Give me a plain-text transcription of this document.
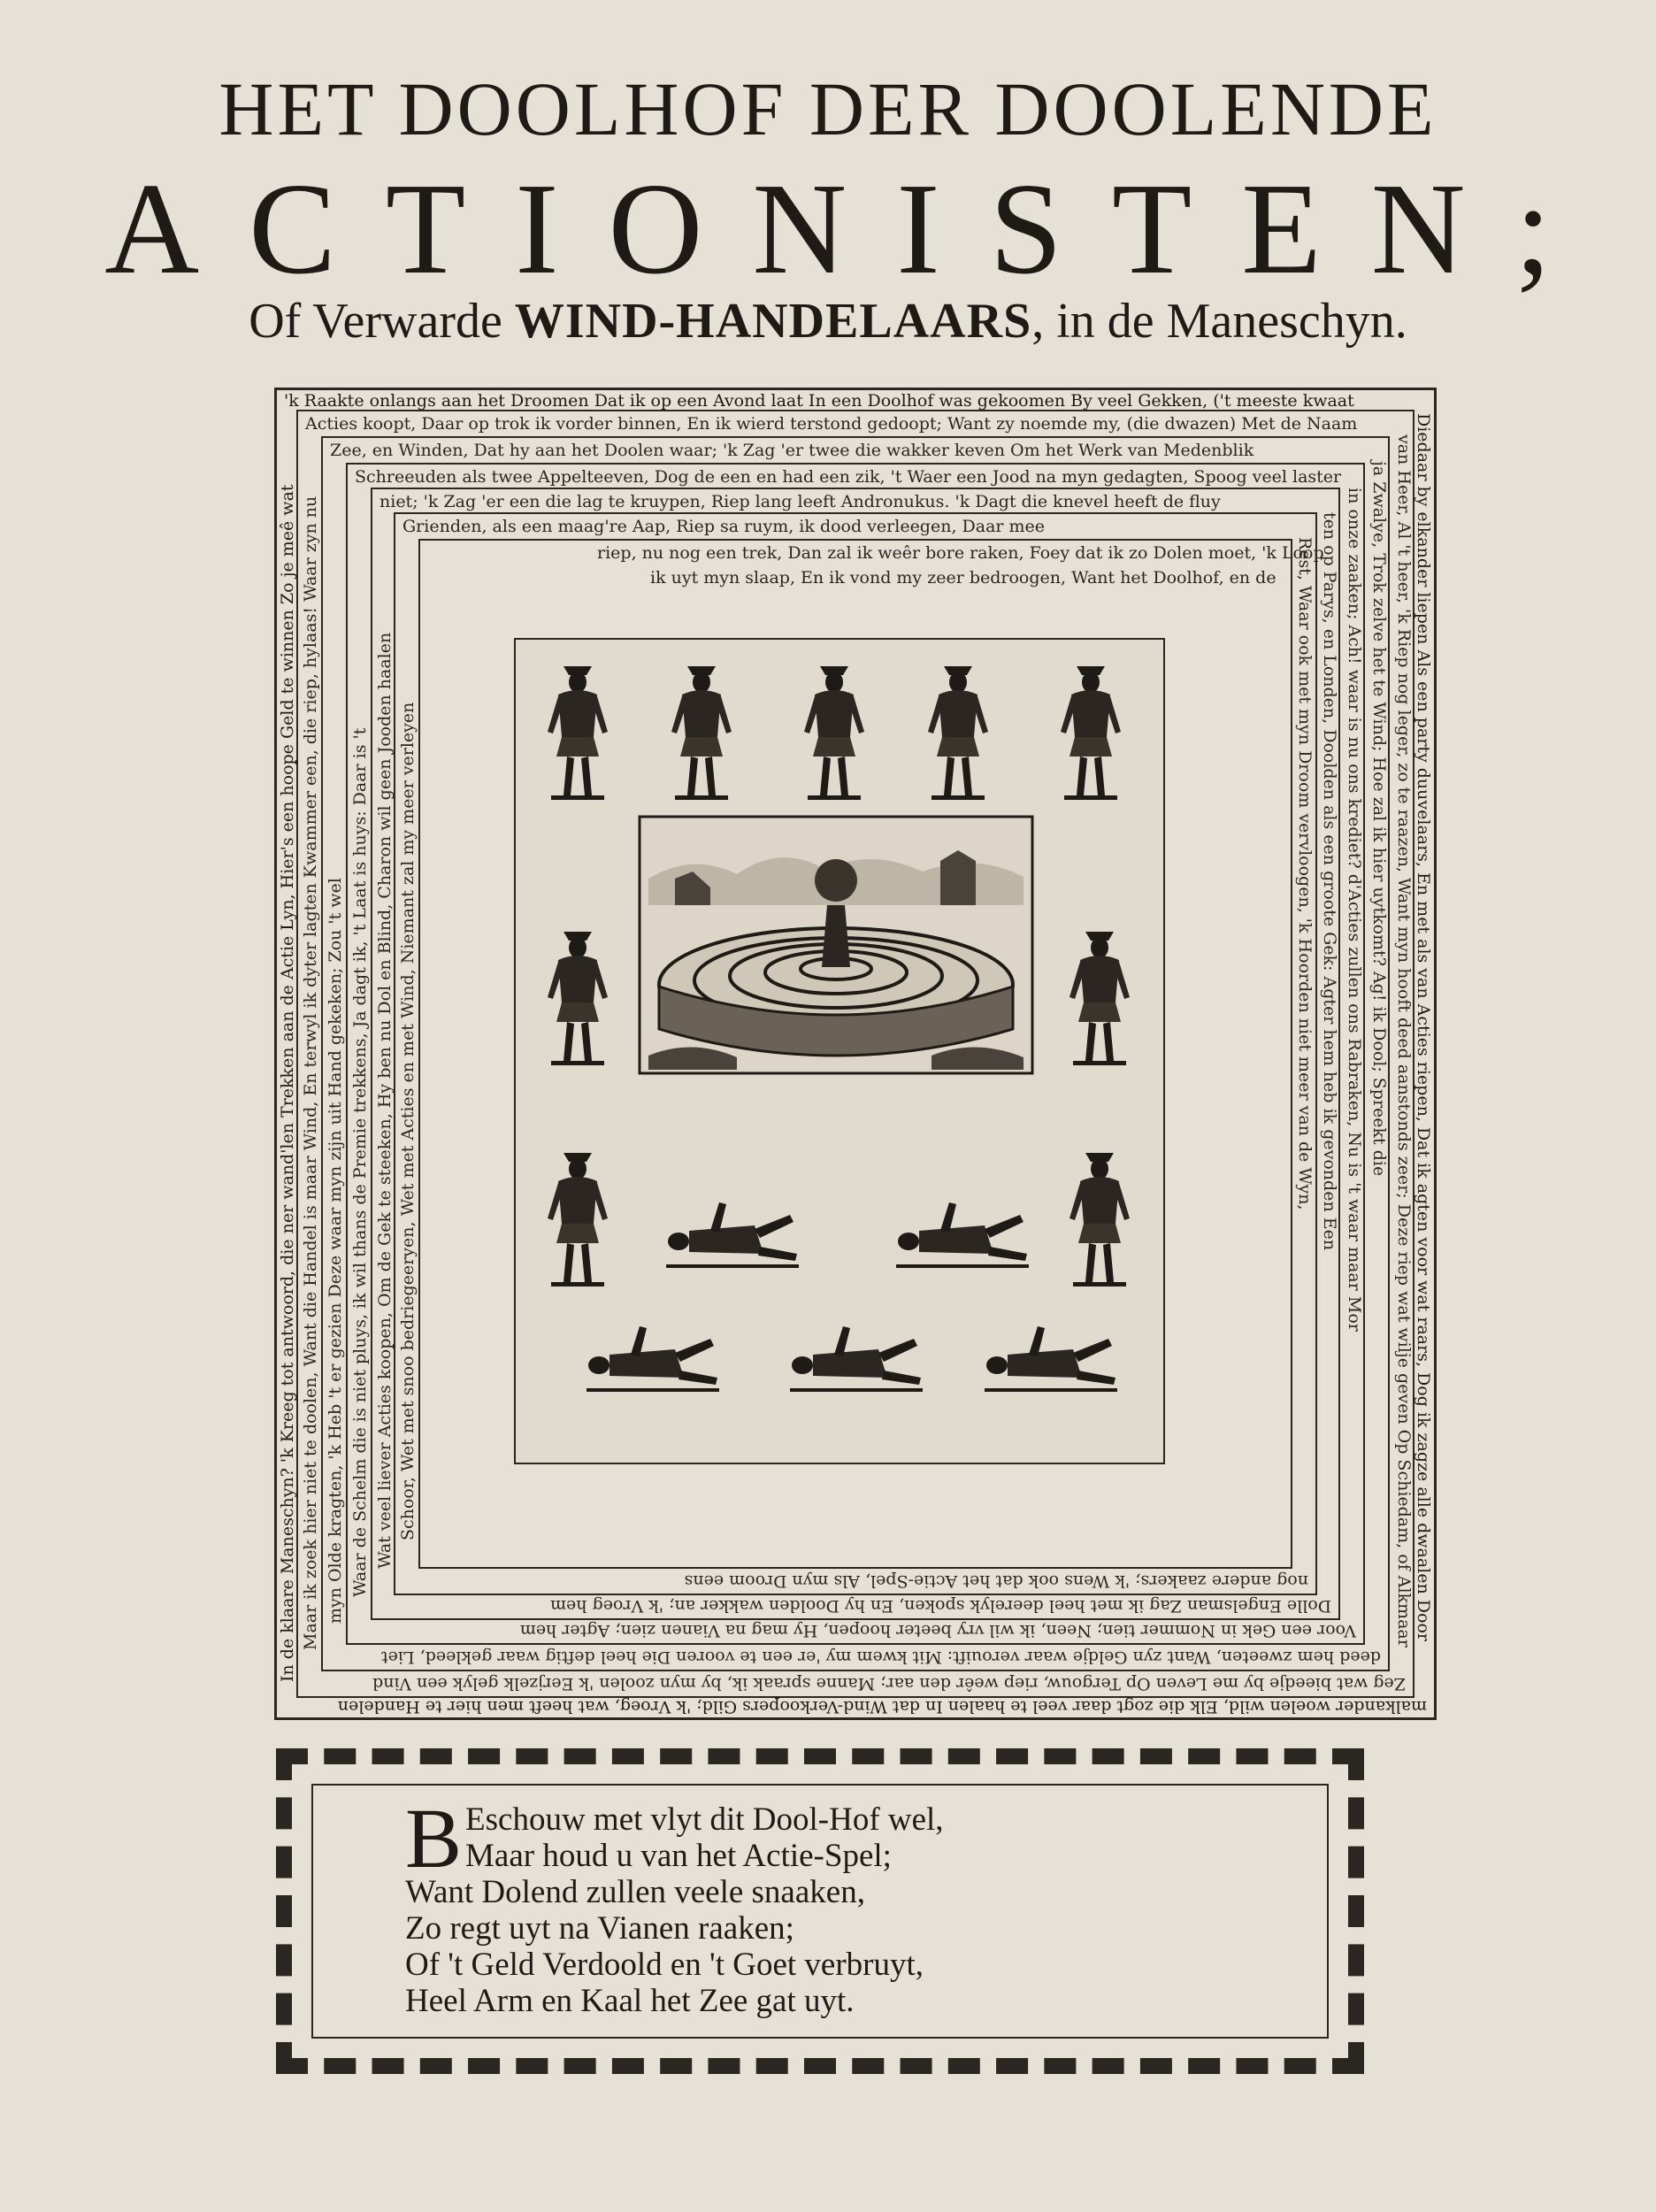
HET DOOLHOF DER DOOLENDE
ACTIONISTEN;
Of Verwarde WIND-HANDELAARS, in de Maneschyn.
'k Raakte onlangs aan het Droomen Dat ik op een Avond laat In een Doolhof was gekoomen By veel Gekken, ('t meeste kwaat
malkander woelen wild, Elk die zogt daar veel te haalen In dat Wind-Verkoopers Gild; 'k Vroeg, wat heeft men hier te Handelen
In de klaare Maneschyn? 'k Kreeg tot antwoord, die ner wand'len Trekken aan de Actie Lyn, Hier's een hoope Geld te winnen Zo je meê wat	Diedaar by elkander liepen Als een party duuvelaars, En met als van Acties riepen, Dat ik agten voor wat raars, Dog ik zagze alle dwaalen Door
Acties koopt, Daar op trok ik vorder binnen, En ik wierd terstond gedoopt; Want zy noemde my, (die dwazen) Met de Naam
Zeg wat bieedje by me Leven Op Tergouw, riep weêr den aar; Manne spraak ik, by myn zoolen 'k Eerjzelk gelyk een Vind
Maar ik zoek hier niet te doolen, Want die Handel is maar Wind, En terwyl ik dyter lagten Kwammer een, die riep, hylaas! Waar zyn nu	van Heer, Al 't heer, 'k Riep nog leger, zo te raazen, Want myn hooft deed aanstonds zeer; Deze riep wat wilje geven Op Schiedam, of Alkmaar
Zee, en Winden, Dat hy aan het Doolen waar; 'k Zag 'er twee die wakker keven Om het Werk van Medenblik
deed hem zweeten, Want zyn Geldje waar verouift: Mit kwem my 'er een te vooren Die heel deftig waar gekleed, Liet
myn Olde kragten, 'k Heb 't er gezien Deze waar myn zijn uit Hand gekeken; Zou 't wel
ja Zwalye, Trok zelve het te Wind; Hoe zal ik hier uytkomt? Ag! ik Dool; Spreekt die
Schreeuden als twee Appelteeven, Dog de een en had een zik, 't Waer een Jood na myn gedagten, Spoog veel laster
Voor een Gek in Nommer tien; Neen, ik wil vry beeter hoopen, Hy mag na Vianen zien; Agter hem
Waar de Schelm die is niet pluys, ik wil thans de Premie trekkens, Ja dagt ik, 't Laat is huys: Daar is 't	in onze zaaken; Ach! waar is nu ons krediet? d'Acties zullen ons Rabraken, Nu is 't waar maar Mor
niet; 'k Zag 'er een die lag te kruypen, Riep lang leeft Andronukus. 'k Dagt die knevel heeft de fluy
Dolle Engelsman Zag ik met heel deerelyk spoken, En hy Doolden wakker an; 'k Vroeg hem
Wat veel liever Acties koopen, Om de Gek te steeken, Hy ben nu Dol en Blind, Charon wil geen Jooden haalen	ten op Parys, en Londen, Doolden als een groote Gek: Agter hem heb ik gevonden Een
Grienden, als een maag're Aap, Riep sa ruym, ik dood verleegen, Daar mee
nog andere zaakers; 'k Wens ook dat het Actie-Spel, Als myn Droom eens
Schoor, Wet met snoo bedriegeeryen, Wet met Acties en met Wind, Niemant zal my meer verleyen	Rest, Waar ook met myn Droom vervloogen, 'k Hoorden niet meer van de Wyn,
riep, nu nog een trek, Dan zal ik weêr bore raken, Foey dat ik zo Dolen moet, 'k Loop
ik uyt myn slaap, En ik vond my zeer bedroogen, Want het Doolhof, en de
B Eschouw met vlyt dit Dool-Hof wel,
Maar houd u van het Actie-Spel;
Want Dolend zullen veele snaaken,
Zo regt uyt na Vianen raaken;
Of 't Geld Verdoold en 't Goet verbruyt,
Heel Arm en Kaal het Zee gat uyt.
